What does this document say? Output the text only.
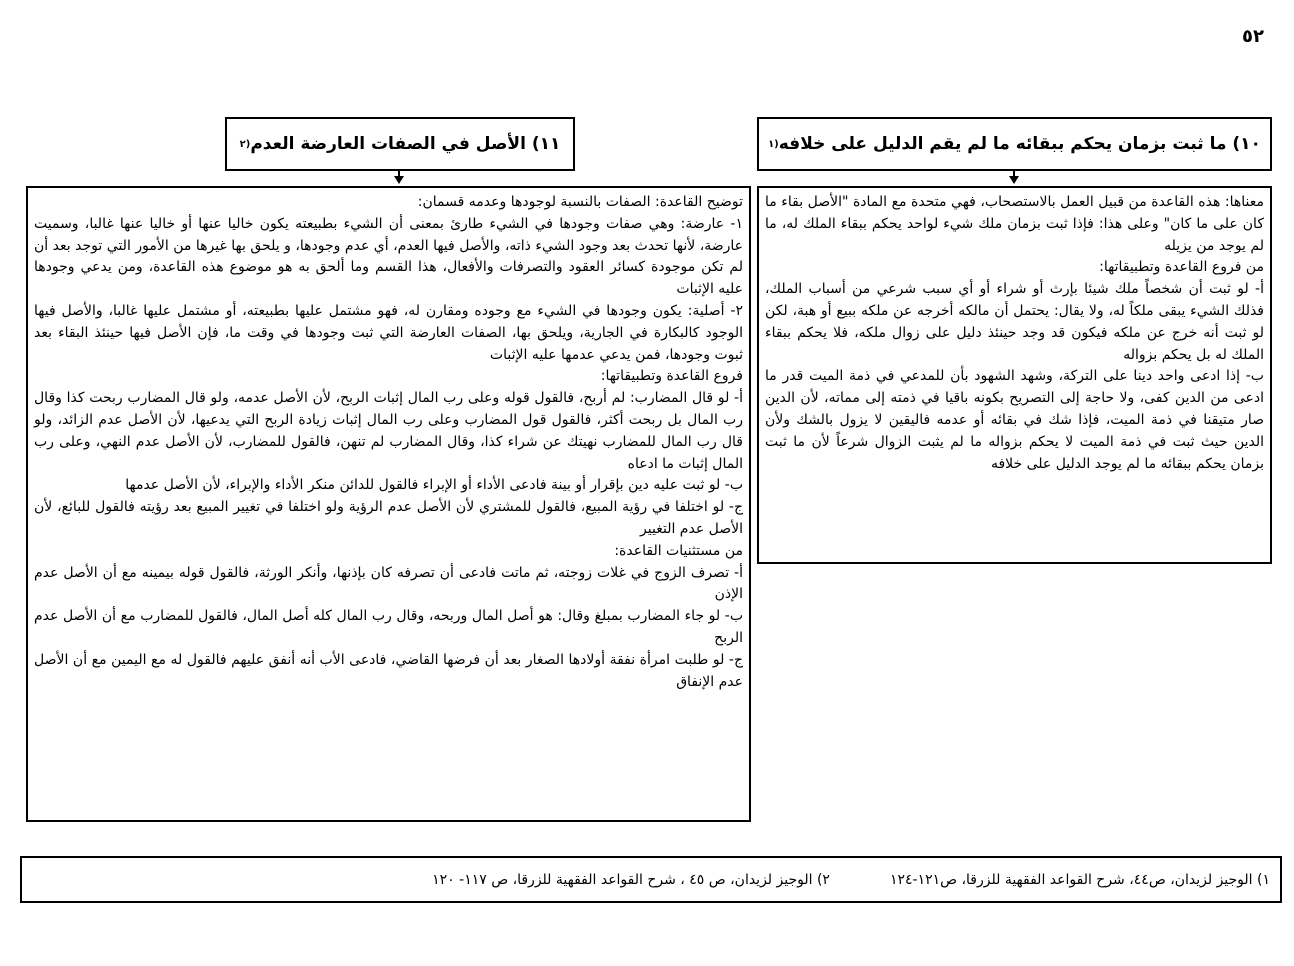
٥٢
١٠) ما ثبت بزمان يحكم ببقائه ما لم يقم الدليل على خلافه
(١
١١) الأصل في الصفات العارضة العدم
(٢

معناها: هذه القاعدة من قبيل العمل بالاستصحاب، فهي متحدة مع المادة "الأصل بقاء ما كان على ما كان" وعلى هذا: فإذا ثبت بزمان ملك شيء لواحد يحكم ببقاء الملك له، ما لم يوجد من يزيله

من فروع القاعدة وتطبيقاتها:

أ- لو ثبت أن شخصاً ملك شيئا بإرث أو شراء أو أي سبب شرعي من أسباب الملك، فذلك الشيء يبقى ملكاً له، ولا يقال: يحتمل أن مالكه أخرجه عن ملكه ببيع أو هبة، لكن لو ثبت أنه خرج عن ملكه فيكون قد وجد حينئذ دليل على زوال ملكه، فلا يحكم ببقاء الملك له بل يحكم بزواله

ب- إذا ادعى واحد دينا على التركة، وشهد الشهود بأن للمدعي في ذمة الميت قدر ما ادعى من الدين كفى، ولا حاجة إلى التصريح بكونه باقيا في ذمته إلى مماته، لأن الدين صار متيقنا في ذمة الميت، فإذا شك في بقائه أو عدمه فاليقين لا يزول بالشك ولأن الدين حيث ثبت في ذمة الميت لا يحكم بزواله ما لم يثبت الزوال شرعاً لأن ما ثبت بزمان يحكم ببقائه ما لم يوجد الدليل على خلافه

توضيح القاعدة: الصفات بالنسبة لوجودها وعدمه قسمان:

١- عارضة: وهي صفات وجودها في الشيء طارئ بمعنى أن الشيء بطبيعته يكون خاليا عنها أو خاليا عنها غالبا، وسميت عارضة، لأنها تحدث بعد وجود الشيء ذاته، والأصل فيها العدم، أي عدم وجودها، و يلحق بها غيرها من الأمور التي توجد بعد أن لم تكن موجودة كسائر العقود والتصرفات والأفعال، هذا القسم وما ألحق به هو موضوع هذه القاعدة، ومن يدعي وجودها عليه الإثبات

٢- أصلية: يكون وجودها في الشيء مع وجوده ومقارن له، فهو مشتمل عليها بطبيعته، أو مشتمل عليها غالبا، والأصل فيها الوجود كالبكارة في الجارية، ويلحق بها، الصفات العارضة التي ثبت وجودها في وقت ما، فإن الأصل فيها حينئذ البقاء بعد ثبوت وجودها، فمن يدعي عدمها عليه الإثبات

فروع القاعدة وتطبيقاتها:

أ- لو قال المضارب: لم أربح، فالقول قوله وعلى رب المال إثبات الربح، لأن الأصل عدمه، ولو قال المضارب ربحت كذا وقال رب المال بل ربحت أكثر، فالقول قول المضارب وعلى رب المال إثبات زيادة الربح التي يدعيها، لأن الأصل عدم الزائد، ولو قال رب المال للمضارب نهيتك عن شراء كذا، وقال المضارب لم تنهن، فالقول للمضارب، لأن الأصل عدم النهي، وعلى رب المال إثبات ما ادعاه

ب- لو ثبت عليه دين بإقرار أو بينة فادعى الأداء أو الإبراء فالقول للدائن منكر الأداء والإبراء، لأن الأصل عدمها

ج- لو اختلفا في رؤية المبيع، فالقول للمشتري لأن الأصل عدم الرؤية ولو اختلفا في تغيير المبيع بعد رؤيته فالقول للبائع، لأن الأصل عدم التغيير

من مستثنيات القاعدة:

أ- تصرف الزوج في غلات زوجته، ثم ماتت فادعى أن تصرفه كان بإذنها، وأنكر الورثة، فالقول قوله بيمينه مع أن الأصل عدم الإذن

ب- لو جاء المضارب بمبلغ وقال: هو أصل المال وربحه، وقال رب المال كله أصل المال، فالقول للمضارب مع أن الأصل عدم الربح

ج- لو طلبت امرأة نفقة أولادها الصغار بعد أن فرضها القاضي، فادعى الأب أنه أنفق عليهم فالقول له مع اليمين مع أن الأصل عدم الإنفاق

١) الوجيز لزيدان، ص٤٤، شرح القواعد الفقهية للزرقا، ص١٢١-١٢٤
٢) الوجيز لزيدان، ص ٤٥ ، شرح القواعد الفقهية للزرقا، ص ١١٧- ١٢٠
